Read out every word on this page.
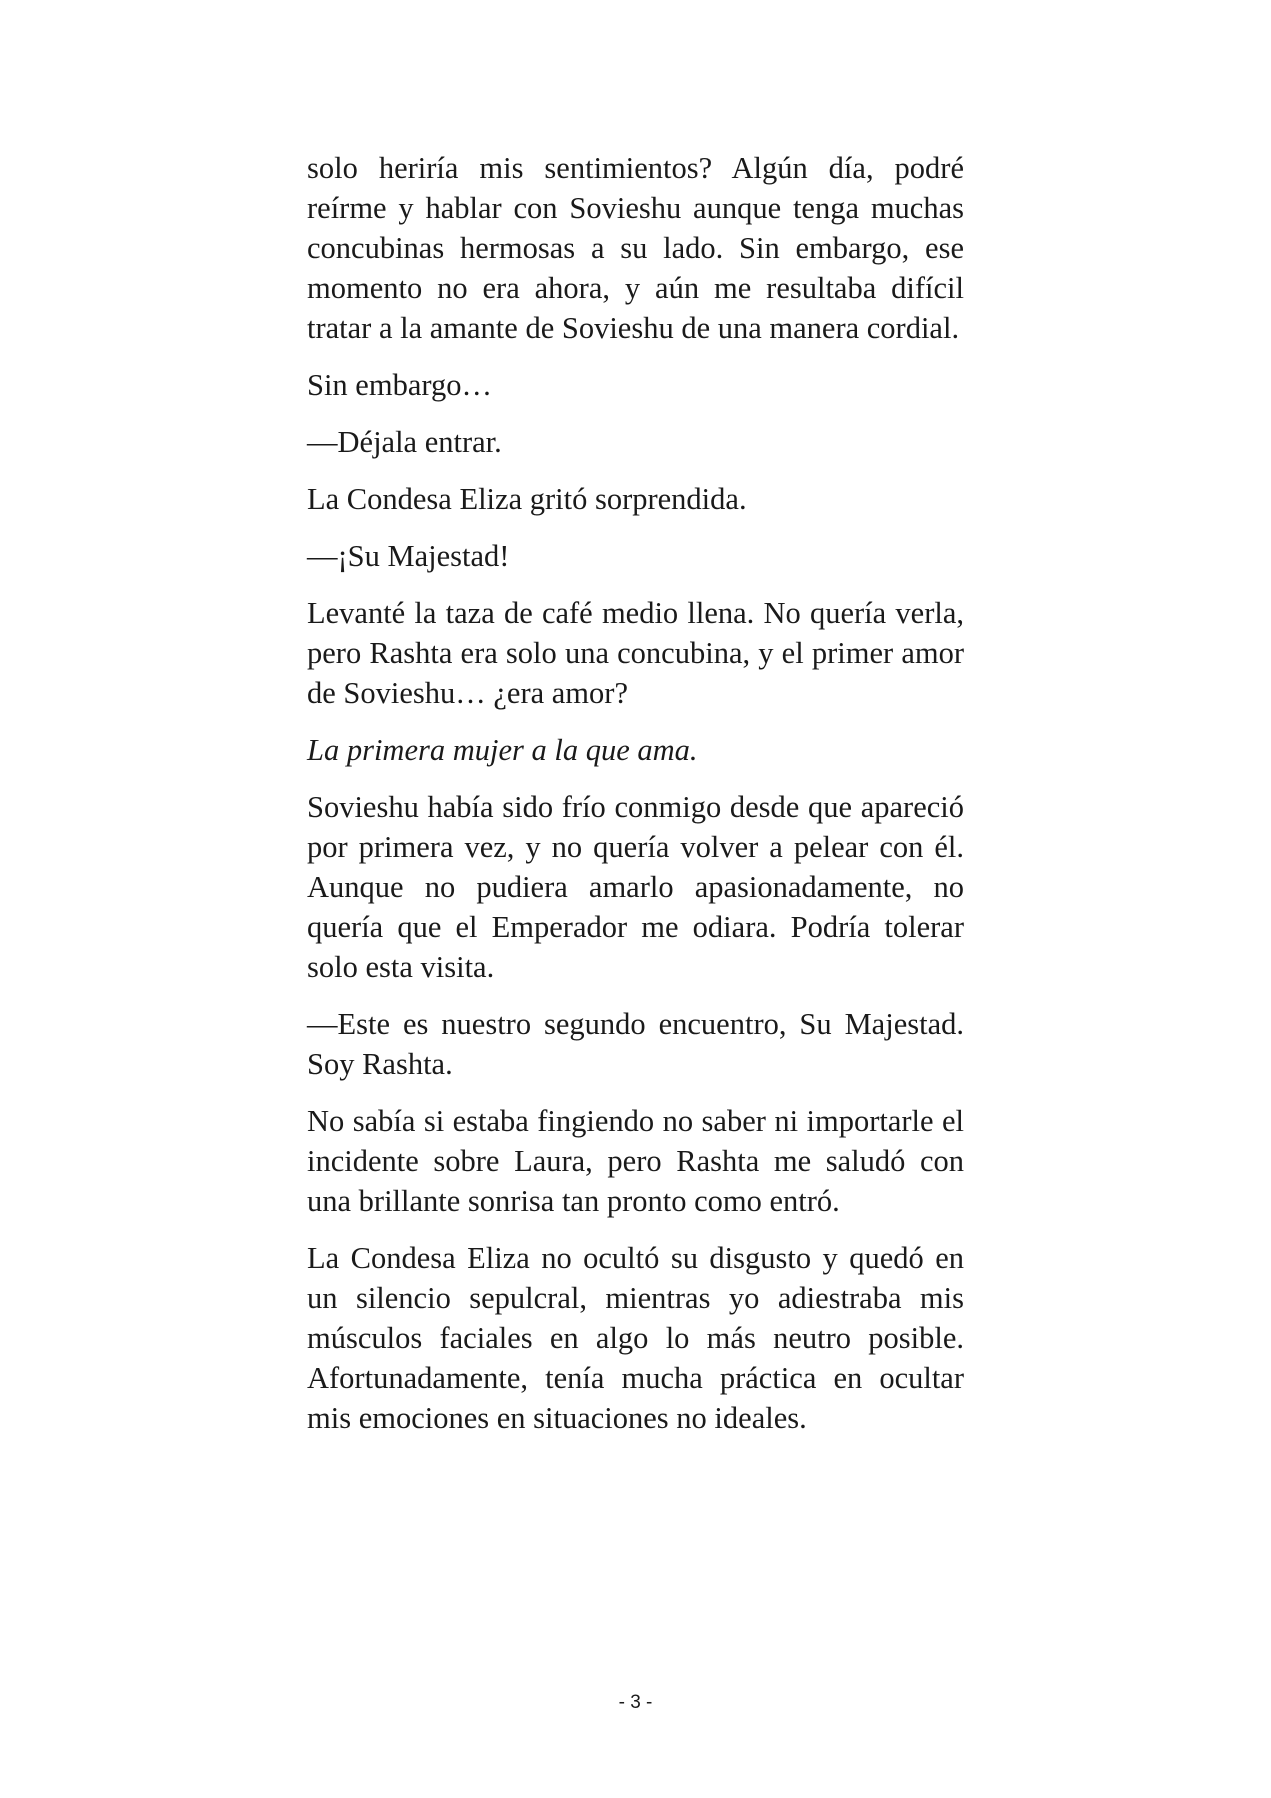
solo heriría mis sentimientos? Algún día, podré reírme y hablar con Sovieshu aunque tenga muchas concubinas hermosas a su lado. Sin embargo, ese momento no era ahora, y aún me resultaba difícil tratar a la amante de Sovieshu de una manera cordial.

Sin embargo…

—Déjala entrar.

La Condesa Eliza gritó sorprendida.

—¡Su Majestad!

Levanté la taza de café medio llena. No quería verla, pero Rashta era solo una concubina, y el primer amor de Sovieshu… ¿era amor?

La primera mujer a la que ama.

Sovieshu había sido frío conmigo desde que apareció por primera vez, y no quería volver a pelear con él. Aunque no pudiera amarlo apasionadamente, no quería que el Emperador me odiara. Podría tolerar solo esta visita.

—Este es nuestro segundo encuentro, Su Majestad. Soy Rashta.

No sabía si estaba fingiendo no saber ni importarle el incidente sobre Laura, pero Rashta me saludó con una brillante sonrisa tan pronto como entró.

La Condesa Eliza no ocultó su disgusto y quedó en un silencio sepulcral, mientras yo adiestraba mis músculos faciales en algo lo más neutro posible. Afortunadamente, tenía mucha práctica en ocultar mis emociones en situaciones no ideales.

- 3 -
